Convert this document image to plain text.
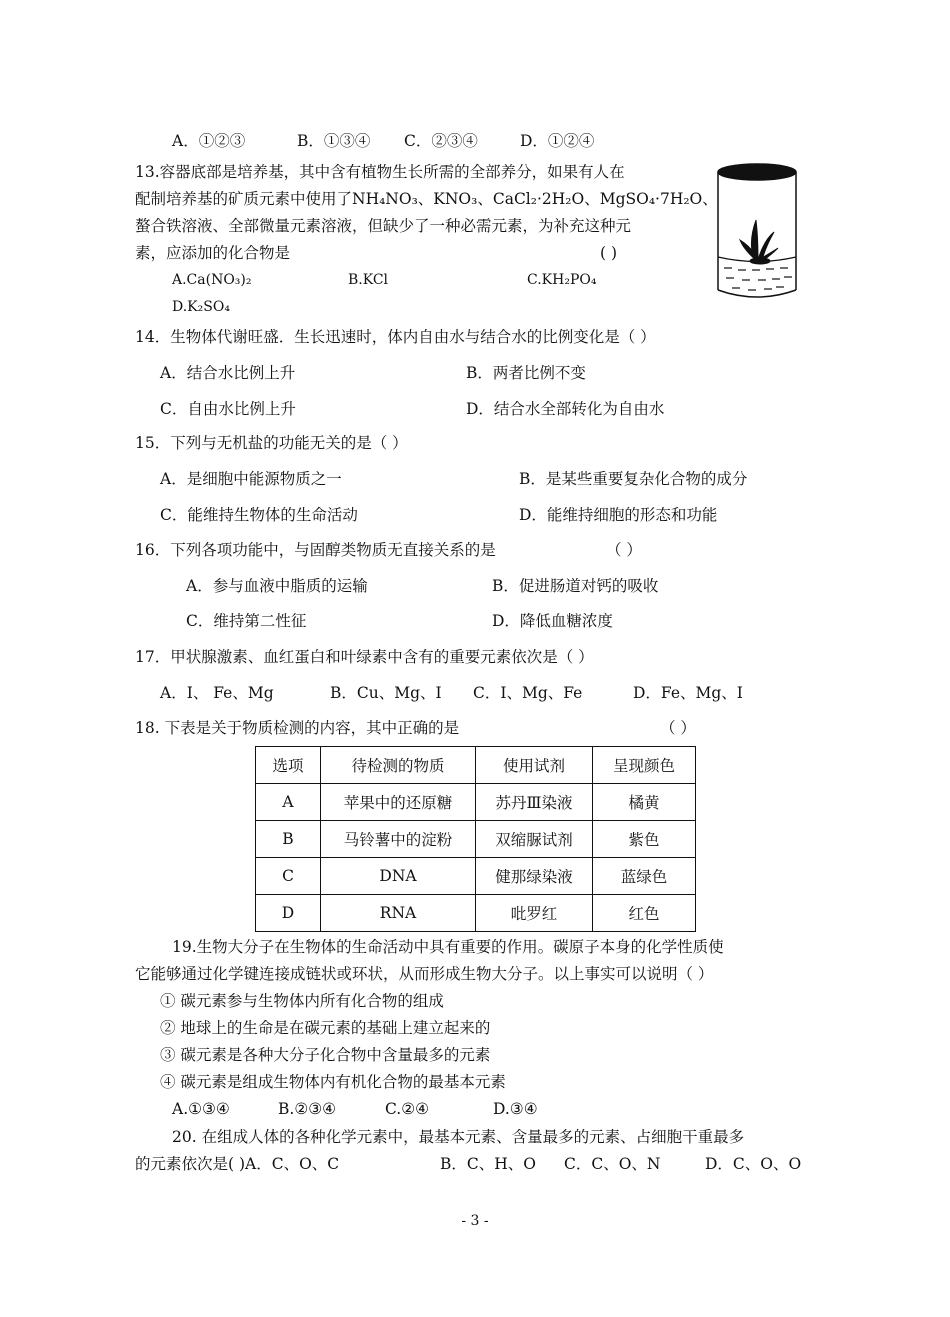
A．①②③	B．①③④ C．②③④	D．①②④
13.容器底部是培养基，其中含有植物生长所需的全部养分，如果有人在
配制培养基的矿质元素中使用了NH₄NO₃、KNO₃、CaCl₂·2H₂O、MgSO₄·7H₂O、
螯合铁溶液、全部微量元素溶液，但缺少了一种必需元素，为补充这种元
素，应添加的化合物是	( )
A.Ca(NO₃)₂	B.KCl	C.KH₂PO₄
D.K₂SO₄
14．生物体代谢旺盛．生长迅速时，体内自由水与结合水的比例变化是（ ）
A．结合水比例上升	B．两者比例不变
C．自由水比例上升	D．结合水全部转化为自由水
15．下列与无机盐的功能无关的是（ ）
A．是细胞中能源物质之一	B．是某些重要复杂化合物的成分
C．能维持生物体的生命活动	D．能维持细胞的形态和功能
16．下列各项功能中，与固醇类物质无直接关系的是	（ ）
A．参与血液中脂质的运输	B．促进肠道对钙的吸收
C．维持第二性征	D．降低血糖浓度
17．甲状腺激素、血红蛋白和叶绿素中含有的重要元素依次是（ ）
A．I、 Fe、Mg	B．Cu、Mg、I C．I、Mg、Fe	D．Fe、Mg、I
18. 下表是关于物质检测的内容，其中正确的是	（ ）
选项	待检测的物质	使用试剂	呈现颜色
A	苹果中的还原糖	苏丹Ⅲ染液	橘黄
B	马铃薯中的淀粉	双缩脲试剂	紫色
C	DNA	健那绿染液	蓝绿色
D	RNA	吡罗红	红色
19.生物大分子在生物体的生命活动中具有重要的作用。碳原子本身的化学性质使
它能够通过化学键连接成链状或环状，从而形成生物大分子。以上事实可以说明（ ）
① 碳元素参与生物体内所有化合物的组成
② 地球上的生命是在碳元素的基础上建立起来的
③ 碳元素是各种大分子化合物中含量最多的元素
④ 碳元素是组成生物体内有机化合物的最基本元素
A.①③④	B.②③④	C.②④	D.③④
20. 在组成人体的各种化学元素中，最基本元素、含量最多的元素、占细胞干重最多
的元素依次是( )A．C、O、C	B．C、H、O C．C、O、N	D．C、O、O
- 3 -
